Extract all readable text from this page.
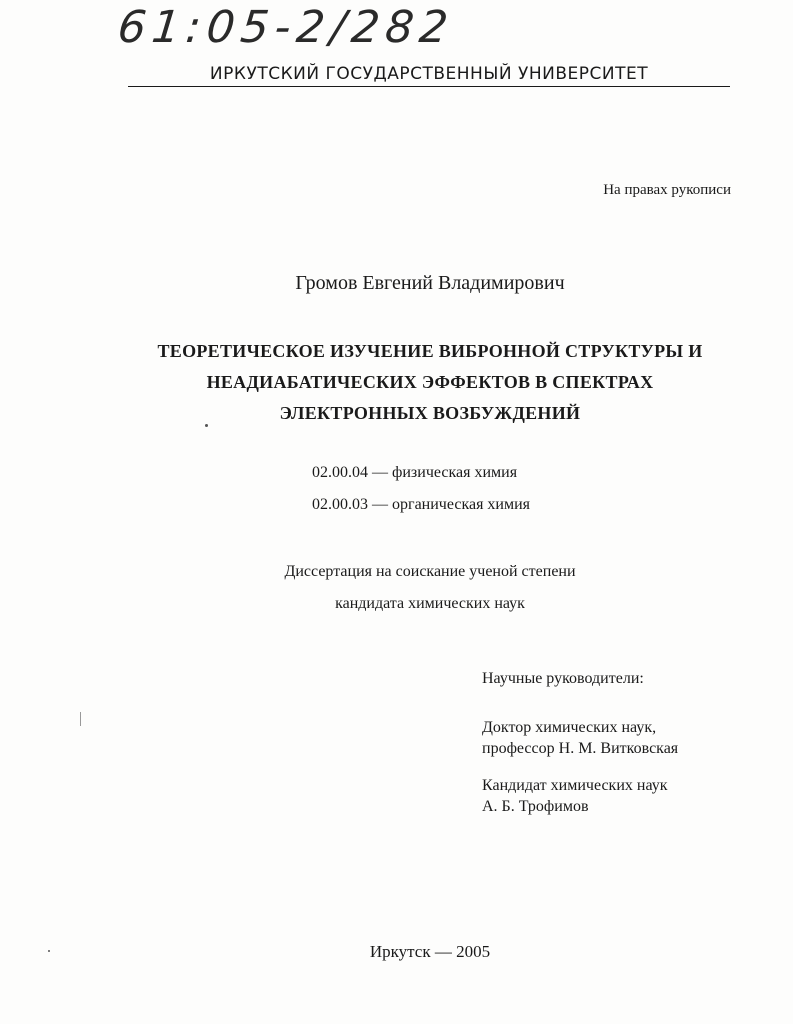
61:05-2/282
ИРКУТСКИЙ ГОСУДАРСТВЕННЫЙ УНИВЕРСИТЕТ
На правах рукописи
Громов Евгений Владимирович
ТЕОРЕТИЧЕСКОЕ ИЗУЧЕНИЕ ВИБРОННОЙ СТРУКТУРЫ И
НЕАДИАБАТИЧЕСКИХ ЭФФЕКТОВ В СПЕКТРАХ
ЭЛЕКТРОННЫХ ВОЗБУЖДЕНИЙ
02.00.04 — физическая химия
02.00.03 — органическая химия
Диссертация на соискание ученой степени
кандидата химических наук
Научные руководители:
Доктор химических наук,
профессор Н. М. Витковская
Кандидат химических наук
А. Б. Трофимов
Иркутск — 2005
